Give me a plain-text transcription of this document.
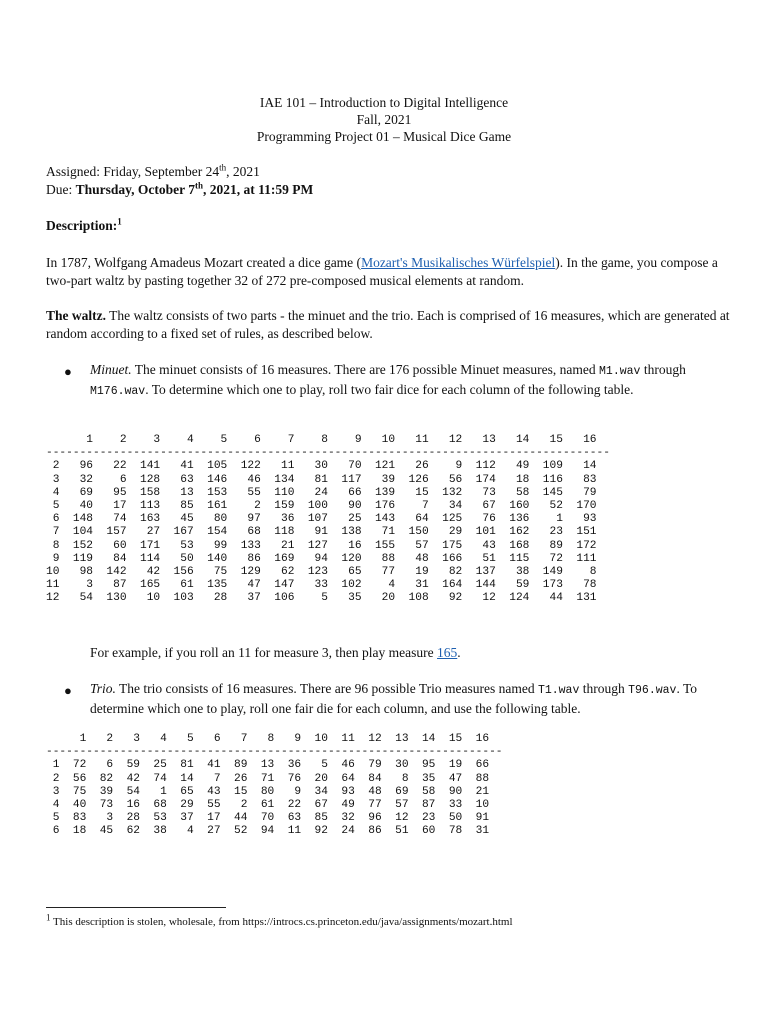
IAE 101 – Introduction to Digital Intelligence
Fall, 2021
Programming Project 01 – Musical Dice Game
Assigned: Friday, September 24th, 2021
Due: Thursday, October 7th, 2021, at 11:59 PM
Description:$^1$
In 1787, Wolfgang Amadeus Mozart created a dice game (Mozart's Musikalisches Würfelspiel). In the game, you compose a two-part waltz by pasting together 32 of 272 pre-composed musical elements at random.
The waltz. The waltz consists of two parts - the minuet and the trio. Each is comprised of 16 measures, which are generated at random according to a fixed set of rules, as described below.
● Minuet. The minuet consists of 16 measures. There are 176 possible Minuet measures, named M1.wav through M176.wav. To determine which one to play, roll two fair dice for each column of the following table.
1    2    3    4    5    6    7    8    9   10   11   12   13   14   15   16
------------------------------------------------------------------------------------
2   96   22  141   41  105  122   11   30   70  121   26    9  112   49  109   14
3   32    6  128   63  146   46  134   81  117   39  126   56  174   18  116   83
4   69   95  158   13  153   55  110   24   66  139   15  132   73   58  145   79
5   40   17  113   85  161    2  159  100   90  176    7   34   67  160   52  170
6  148   74  163   45   80   97   36  107   25  143   64  125   76  136    1   93
7  104  157   27  167  154   68  118   91  138   71  150   29  101  162   23  151
8  152   60  171   53   99  133   21  127   16  155   57  175   43  168   89  172
9  119   84  114   50  140   86  169   94  120   88   48  166   51  115   72  111
10   98  142   42  156   75  129   62  123   65   77   19   82  137   38  149    8
11    3   87  165   61  135   47  147   33  102    4   31  164  144   59  173   78
12   54  130   10  103   28   37  106    5   35   20  108   92   12  124   44  131
For example, if you roll an 11 for measure 3, then play measure 165.
● Trio. The trio consists of 16 measures. There are 96 possible Trio measures named T1.wav through T96.wav. To determine which one to play, roll one fair die for each column, and use the following table.
1   2   3   4   5   6   7   8   9  10  11  12  13  14  15  16
--------------------------------------------------------------------
1  72   6  59  25  81  41  89  13  36   5  46  79  30  95  19  66
2  56  82  42  74  14   7  26  71  76  20  64  84   8  35  47  88
3  75  39  54   1  65  43  15  80   9  34  93  48  69  58  90  21
4  40  73  16  68  29  55   2  61  22  67  49  77  57  87  33  10
5  83   3  28  53  37  17  44  70  63  85  32  96  12  23  50  91
6  18  45  62  38   4  27  52  94  11  92  24  86  51  60  78  31
$^1$ This description is stolen, wholesale, from https://introcs.cs.princeton.edu/java/assignments/mozart.html
